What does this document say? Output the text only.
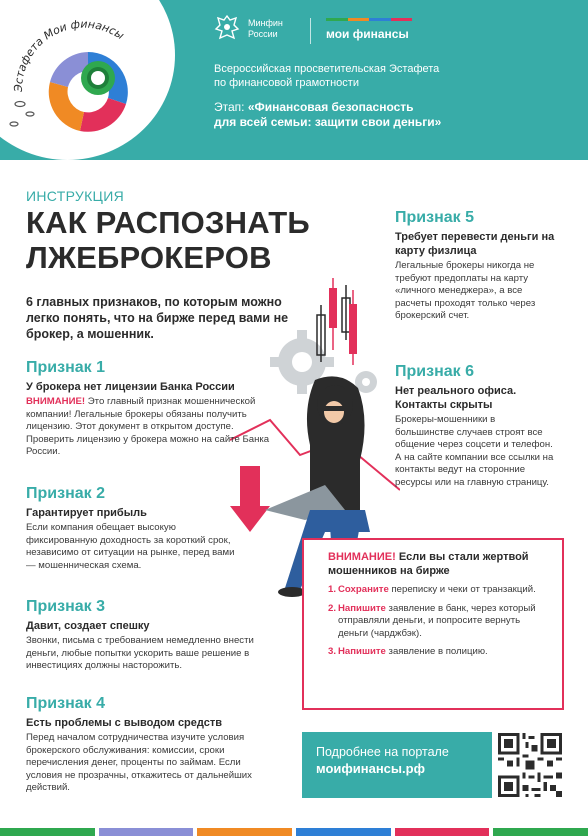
Эстафета Мои финансы
Минфин
России	мои финансы
Всероссийская просветительская Эстафета
по финансовой грамотности
Этап: «Финансовая безопасность
для всей семьи: защити свои деньги»
ИНСТРУКЦИЯ
КАК РАСПОЗНАТЬ
ЛЖЕБРОКЕРОВ
6 главных признаков, по которым можно легко понять, что на бирже перед вами не брокер, а мошенник.
Признак 1
У брокера нет лицензии Банка России
ВНИМАНИЕ! Это главный признак мошеннической компании! Легальные брокеры обязаны получить лицензию. Этот документ в открытом доступе. Проверить лицензию у брокера можно на сайте Банка России.
Признак 2
Гарантирует прибыль
Если компания обещает высокую фиксированную доходность за короткий срок, независимо от ситуации на рынке, перед вами — мошенническая схема.
Признак 3
Давит, создает спешку
Звонки, письма с требованием немедленно внести деньги, любые попытки ускорить ваше решение в инвестициях должны насторожить.
Признак 4
Есть проблемы с выводом средств
Перед началом сотрудничества изучите условия брокерского обслуживания: комиссии, сроки перечисления денег, проценты по займам. Если условия не прозрачны, откажитесь от дальнейших действий.
Признак 5
Требует перевести деньги на карту физлица
Легальные брокеры никогда не требуют предоплаты на карту «личного менеджера», а все расчеты проходят только через брокерский счет.
Признак 6
Нет реального офиса. Контакты скрыты
Брокеры-мошенники в большинстве случаев строят все общение через соцсети и телефон. А на сайте компании все ссылки на контакты ведут на сторонние ресурсы или на главную страницу.
ВНИМАНИЕ! Если вы стали жертвой мошенников на бирже
1. Сохраните переписку и чеки от транзакций.
2. Напишите заявление в банк, через который отправляли деньги, и попросите вернуть деньги (чарджбэк).
3. Напишите заявление в полицию.
Подробнее на портале
моифинансы.рф
